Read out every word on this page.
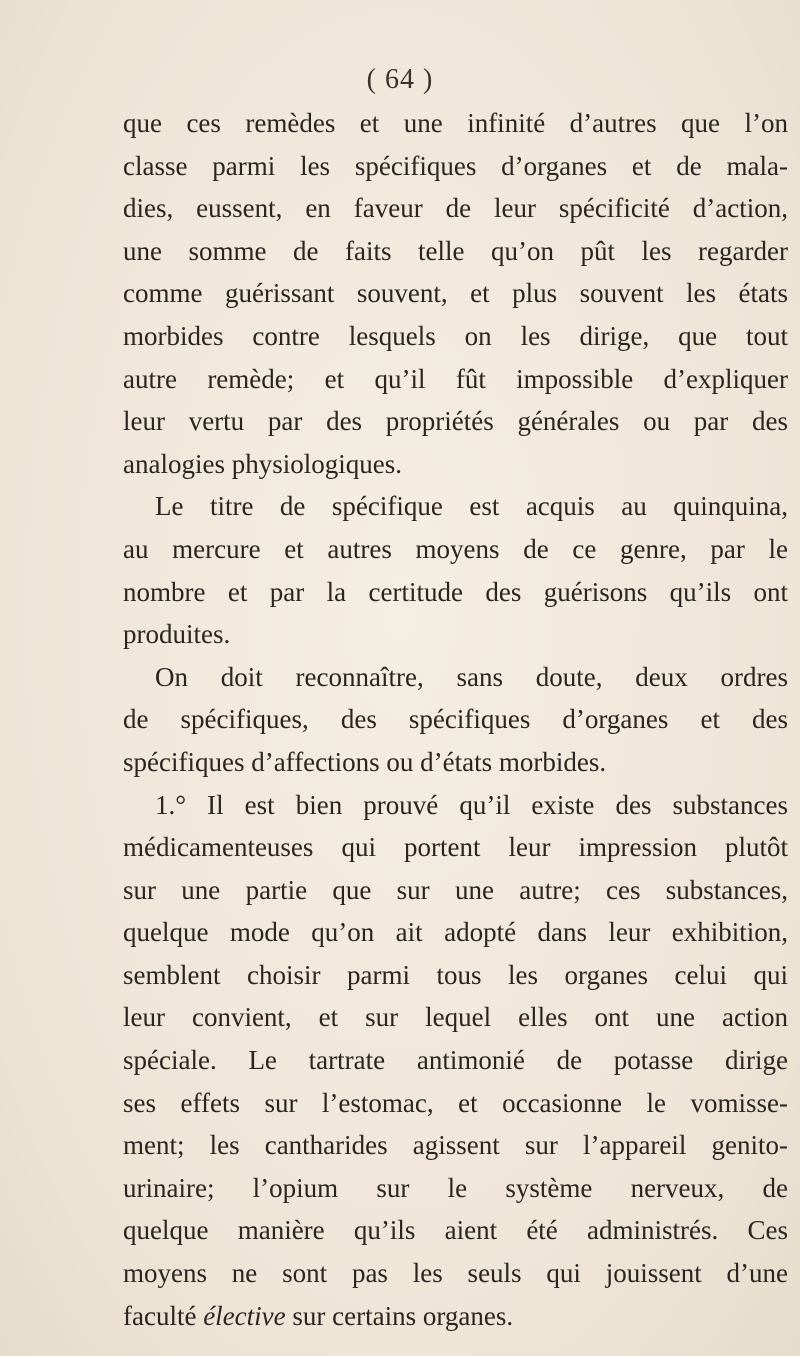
( 64 )
que ces remèdes et une infinité d’autres que l’on
classe parmi les spécifiques d’organes et de mala-
dies, eussent, en faveur de leur spécificité d’action,
une somme de faits telle qu’on pût les regarder
comme guérissant souvent, et plus souvent les états
morbides contre lesquels on les dirige, que tout
autre remède; et qu’il fût impossible d’expliquer
leur vertu par des propriétés générales ou par des
analogies physiologiques.
Le titre de spécifique est acquis au quinquina,
au mercure et autres moyens de ce genre, par le
nombre et par la certitude des guérisons qu’ils ont
produites.
On doit reconnaître, sans doute, deux ordres
de spécifiques, des spécifiques d’organes et des
spécifiques d’affections ou d’états morbides.
1.° Il est bien prouvé qu’il existe des substances
médicamenteuses qui portent leur impression plutôt
sur une partie que sur une autre; ces substances,
quelque mode qu’on ait adopté dans leur exhibition,
semblent choisir parmi tous les organes celui qui
leur convient, et sur lequel elles ont une action
spéciale. Le tartrate antimonié de potasse dirige
ses effets sur l’estomac, et occasionne le vomisse-
ment; les cantharides agissent sur l’appareil genito-
urinaire; l’opium sur le système nerveux, de
quelque manière qu’ils aient été administrés. Ces
moyens ne sont pas les seuls qui jouissent d’une
faculté élective sur certains organes.
